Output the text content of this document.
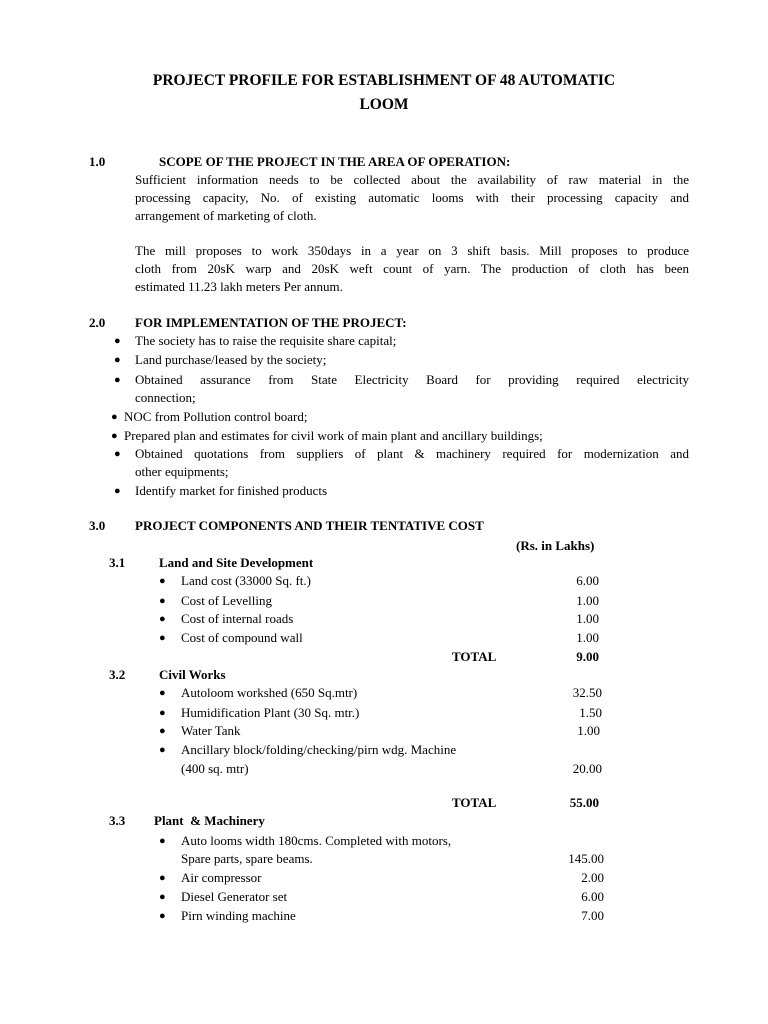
PROJECT PROFILE FOR ESTABLISHMENT OF 48 AUTOMATIC
LOOM
1.0	SCOPE OF THE PROJECT IN THE AREA OF OPERATION:
Sufficient information needs to be collected about the availability of raw material in the
processing capacity, No. of existing automatic looms with their processing capacity and
arrangement of marketing of cloth.
The mill proposes to work 350days in a year on 3 shift basis. Mill proposes to produce
cloth from 20sK warp and 20sK weft count of yarn. The production of cloth has been
estimated 11.23 lakh meters Per annum.
2.0 FOR IMPLEMENTATION OF THE PROJECT:
● The society has to raise the requisite share capital;
● Land purchase/leased by the society;
● Obtained assurance from State Electricity Board for providing required electricity
connection;
● NOC from Pollution control board;
● Prepared plan and estimates for civil work of main plant and ancillary buildings;
● Obtained quotations from suppliers of plant & machinery required for modernization and
other equipments;
● Identify market for finished products
3.0 PROJECT COMPONENTS AND THEIR TENTATIVE COST
(Rs. in Lakhs)
3.1	Land and Site Development
● Land cost (33000 Sq. ft.)	6.00
● Cost of Levelling	1.00
● Cost of internal roads	1.00
● Cost of compound wall	1.00
TOTAL	9.00
3.2	Civil Works
● Autoloom workshed (650 Sq.mtr)	32.50
● Humidification Plant (30 Sq. mtr.)	1.50
● Water Tank	1.00
● Ancillary block/folding/checking/pirn wdg. Machine
(400 sq. mtr)	20.00
TOTAL	55.00
3.3 Plant  & Machinery
● Auto looms width 180cms. Completed with motors,
Spare parts, spare beams.	145.00
● Air compressor	2.00
● Diesel Generator set	6.00
● Pirn winding machine	7.00
